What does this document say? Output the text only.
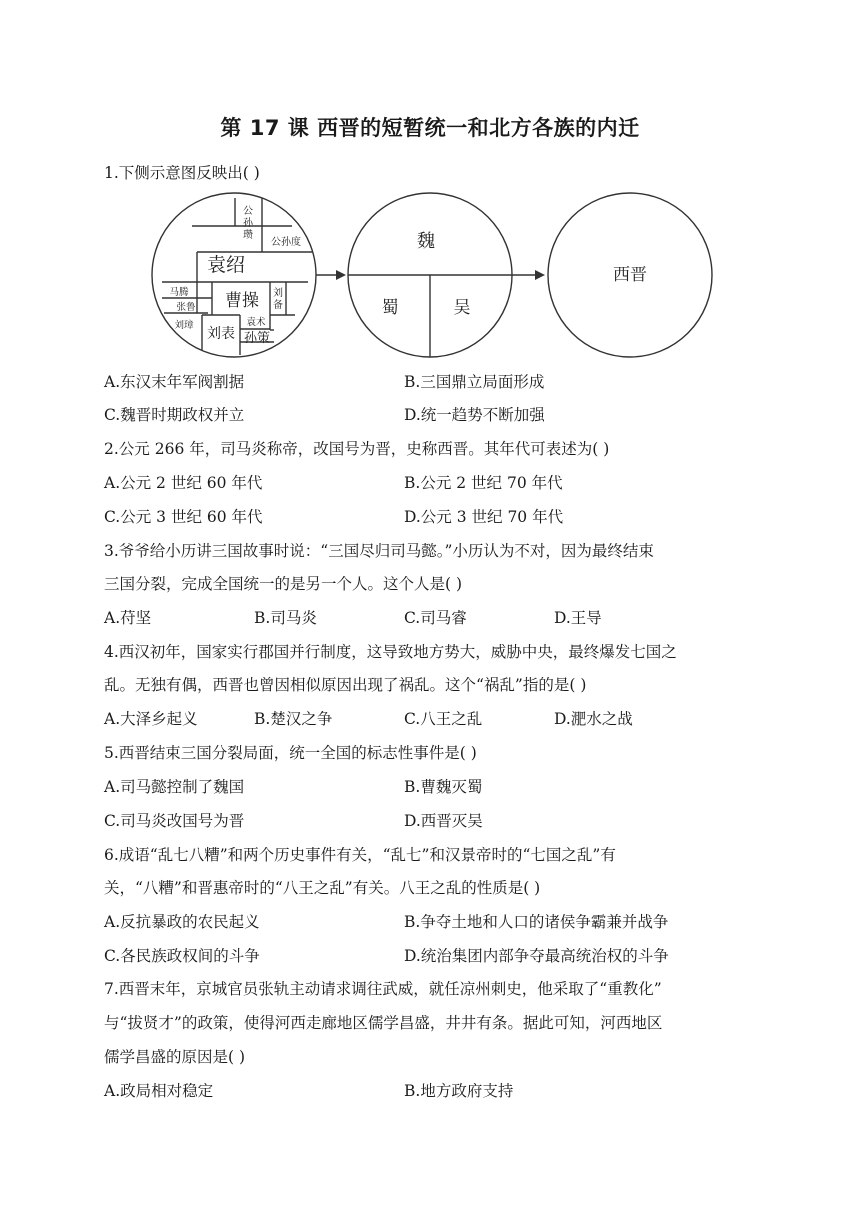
第 17 课 西晋的短暂统一和北方各族的内迁
1.下侧示意图反映出( )
公
孙
瓒
公孙度
袁绍
曹操
马腾
张鲁
刘
备
刘璋
刘表
袁术
孙策
魏
蜀	吴
西晋
A.东汉末年军阀割据	B.三国鼎立局面形成
C.魏晋时期政权并立	D.统一趋势不断加强
2.公元 266 年，司马炎称帝，改国号为晋，史称西晋。其年代可表述为( )
A.公元 2 世纪 60 年代	B.公元 2 世纪 70 年代
C.公元 3 世纪 60 年代	D.公元 3 世纪 70 年代
3.爷爷给小历讲三国故事时说：“三国尽归司马懿。”小历认为不对，因为最终结束
三国分裂，完成全国统一的是另一个人。这个人是( )
A.苻坚	B.司马炎	C.司马睿	D.王导
4.西汉初年，国家实行郡国并行制度，这导致地方势大，威胁中央，最终爆发七国之
乱。无独有偶，西晋也曾因相似原因出现了祸乱。这个“祸乱”指的是( )
A.大泽乡起义	B.楚汉之争	C.八王之乱	D.淝水之战
5.西晋结束三国分裂局面，统一全国的标志性事件是( )
A.司马懿控制了魏国	B.曹魏灭蜀
C.司马炎改国号为晋	D.西晋灭吴
6.成语“乱七八糟”和两个历史事件有关，“乱七”和汉景帝时的“七国之乱”有
关，“八糟”和晋惠帝时的“八王之乱”有关。八王之乱的性质是( )
A.反抗暴政的农民起义	B.争夺土地和人口的诸侯争霸兼并战争
C.各民族政权间的斗争	D.统治集团内部争夺最高统治权的斗争
7.西晋末年，京城官员张轨主动请求调往武威，就任凉州刺史，他采取了“重教化”
与“拔贤才”的政策，使得河西走廊地区儒学昌盛，井井有条。据此可知，河西地区
儒学昌盛的原因是( )
A.政局相对稳定	B.地方政府支持
